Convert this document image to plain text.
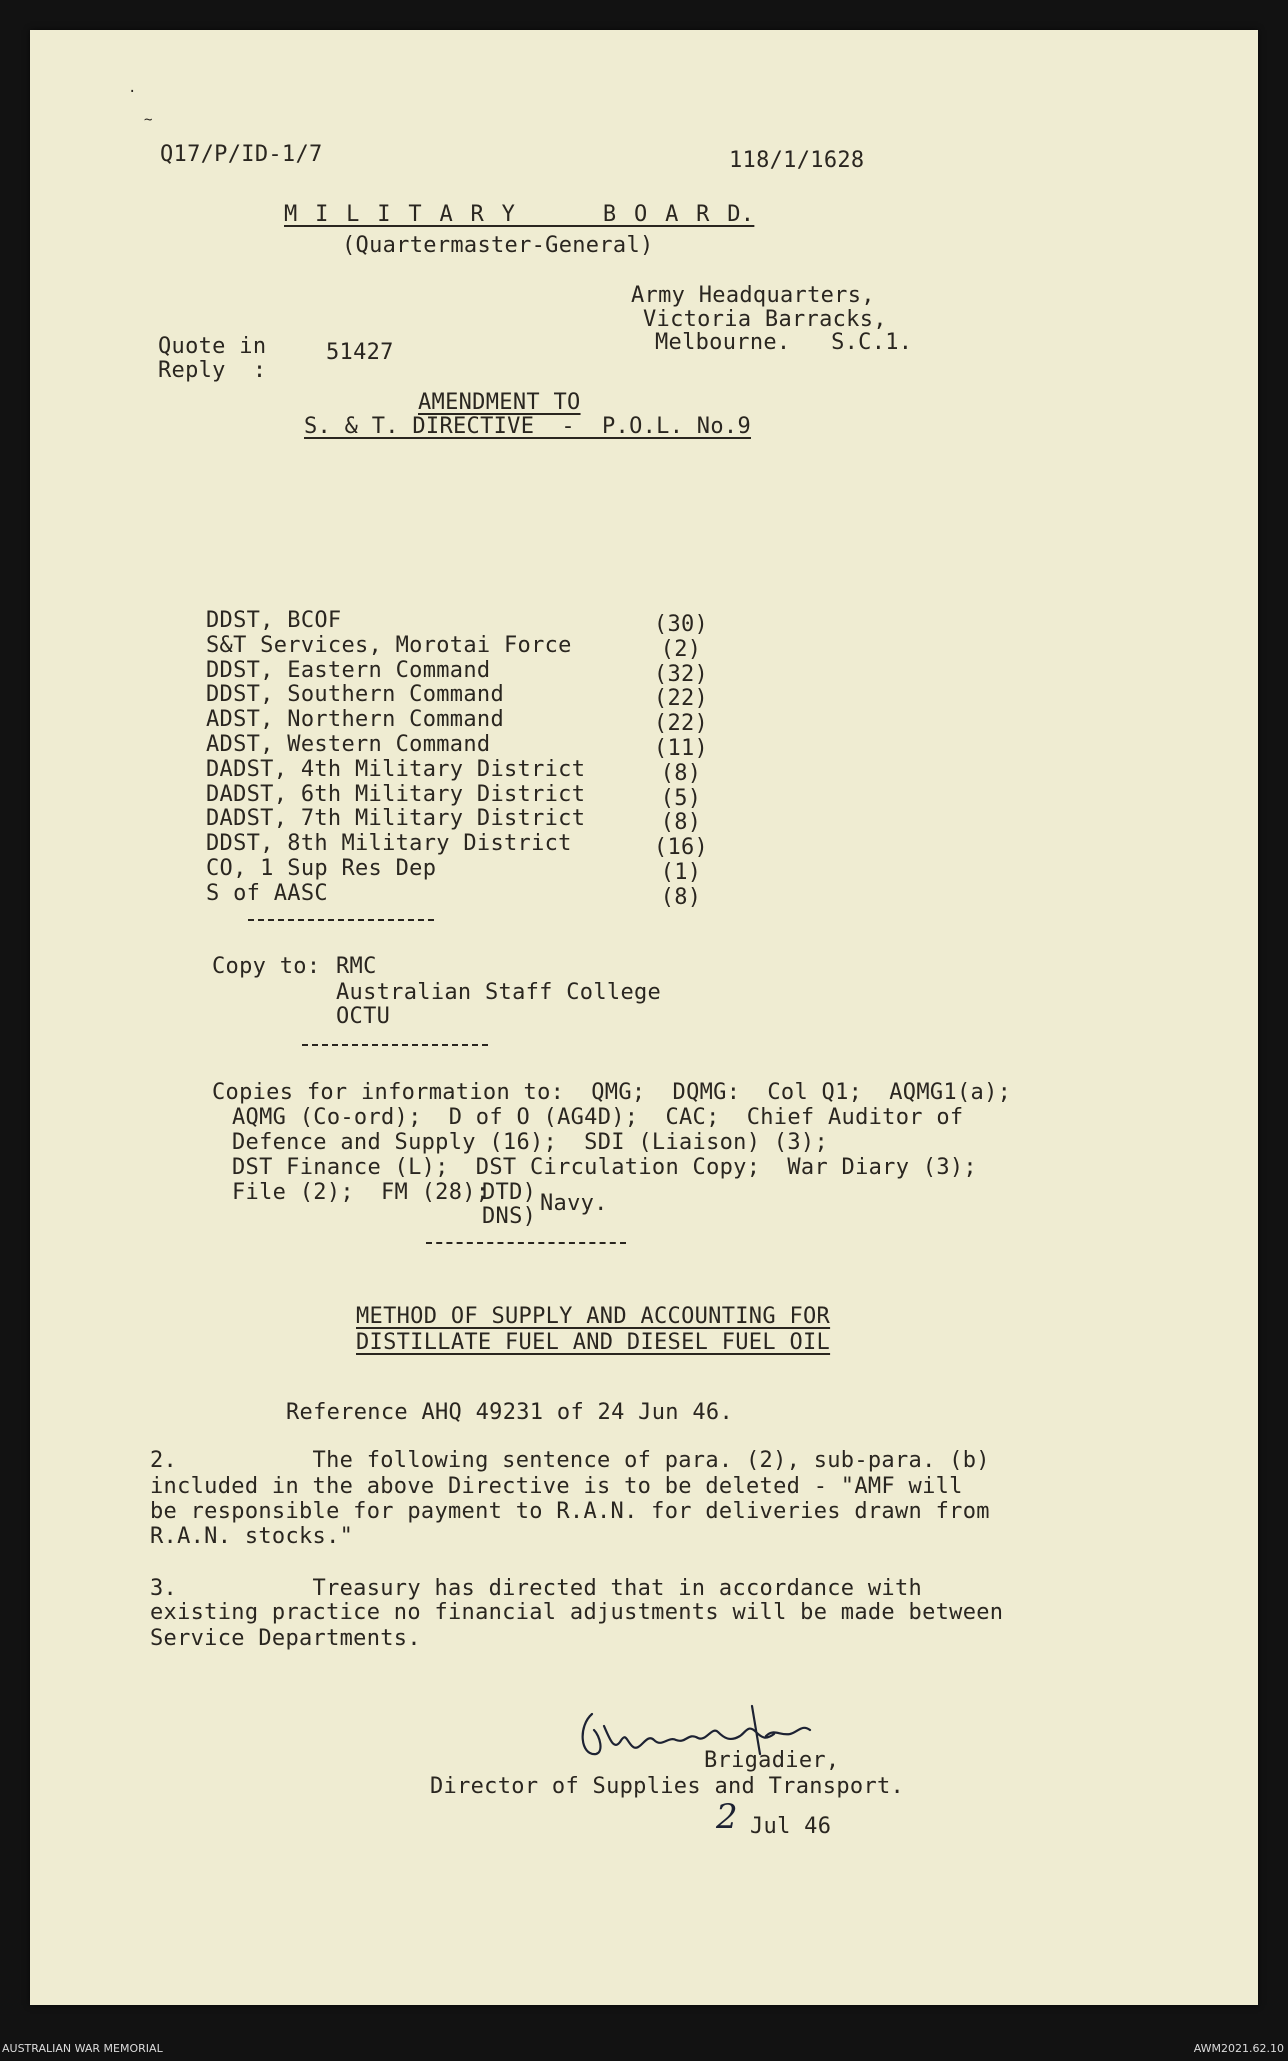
.
~
Q17/P/ID-1/7	118/1/1628
M I L I T A R Y     B O A R D.
(Quartermaster-General)
Army Headquarters,
Victoria Barracks,
Melbourne.   S.C.1.
Quote in
Reply  :
51427
AMENDMENT TO
S. & T. DIRECTIVE  -  P.O.L. No.9
Copy to: RMC
Australian Staff College
OCTU
Copies for information to:  QMG;  DQMG:  Col Q1;  AQMG1(a);
AQMG (Co-ord);  D of O (AG4D);  CAC;  Chief Auditor of
Defence and Supply (16);  SDI (Liaison) (3);
DST Finance (L);  DST Circulation Copy;  War Diary (3);
File (2);  FM (28);
DTD)
DNS)
Navy.
METHOD OF SUPPLY AND ACCOUNTING FOR
DISTILLATE FUEL AND DIESEL FUEL OIL
Reference AHQ 49231 of 24 Jun 46.
2.          The following sentence of para. (2), sub-para. (b)
included in the above Directive is to be deleted - "AMF will
be responsible for payment to R.A.N. for deliveries drawn from
R.A.N. stocks."
3.          Treasury has directed that in accordance with
existing practice no financial adjustments will be made between
Service Departments.
Brigadier,
Director of Supplies and Transport.
2 Jul 46
DDST, BCOF	(30)
S&T Services, Morotai Force	(2)
DDST, Eastern Command	(32)
DDST, Southern Command	(22)
ADST, Northern Command	(22)
ADST, Western Command	(11)
DADST, 4th Military District	(8)
DADST, 6th Military District	(5)
DADST, 7th Military District	(8)
DDST, 8th Military District	(16)
CO, 1 Sup Res Dep	(1)
S of AASC	(8)
AUSTRALIAN WAR MEMORIAL	AWM2021.62.10
